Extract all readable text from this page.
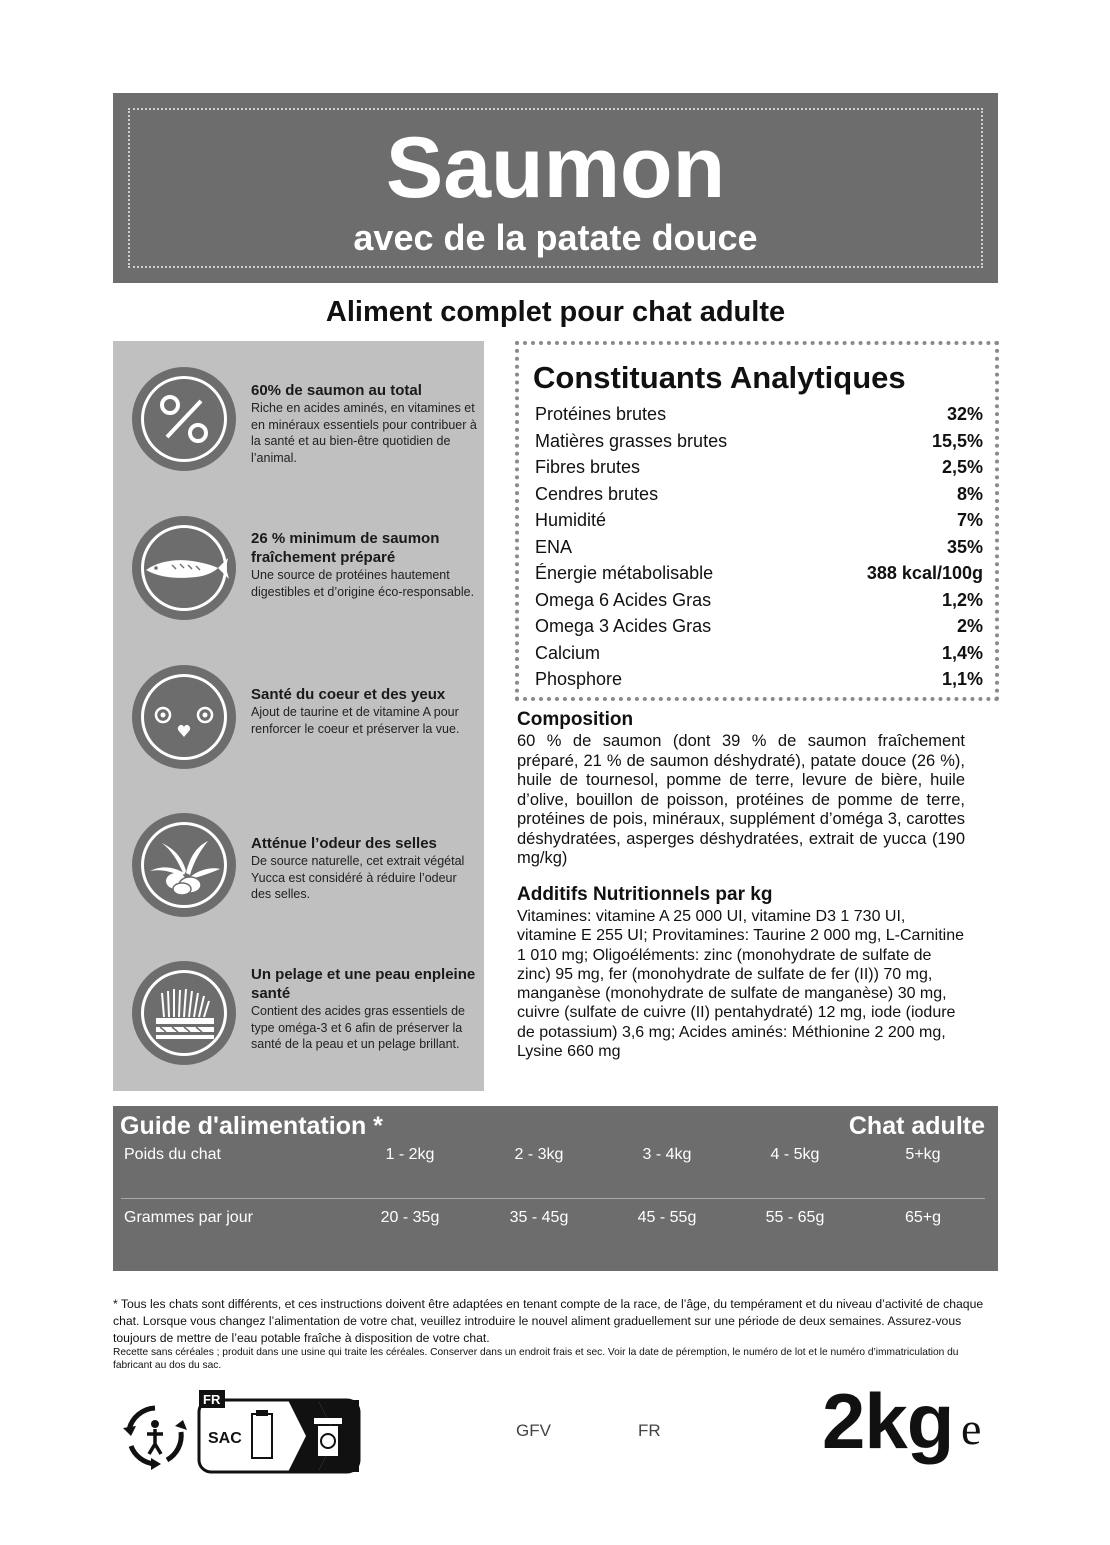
Saumon
avec de la patate douce
Aliment complet pour chat adulte
60% de saumon au total
Riche en acides aminés, en vitamines et en minéraux essentiels pour contribuer à la santé et au bien-être quotidien de l’animal.
26 % minimum de saumon fraîchement préparé
Une source de protéines hautement digestibles et d’origine éco-responsable.
Santé du coeur et des yeux
Ajout de taurine et de vitamine A pour renforcer le coeur et préserver la vue.
Atténue l’odeur des selles
De source naturelle, cet extrait végétal Yucca est considéré à réduire l’odeur des selles.
Un pelage et une peau enpleine santé
Contient des acides gras essentiels de type oméga-3 et 6 afin de préserver la santé de la peau et un pelage brillant.
Constituants Analytiques
Protéines brutes	32%
Matières grasses brutes	15,5%
Fibres brutes	2,5%
Cendres brutes	8%
Humidité	7%
ENA	35%
Énergie métabolisable	388 kcal/100g
Omega 6 Acides Gras	1,2%
Omega 3 Acides Gras	2%
Calcium	1,4%
Phosphore	1,1%
Composition
60 % de saumon (dont 39 % de saumon fraîchement préparé, 21 % de saumon déshydraté), patate douce (26 %), huile de tournesol, pomme de terre, levure de bière, huile d’olive, bouillon de poisson, protéines de pomme de terre, protéines de pois, minéraux, supplément d’oméga 3, carottes déshydratées, asperges déshydratées, extrait de yucca (190 mg/kg)
Additifs Nutritionnels par kg
Vitamines: vitamine A 25 000 UI, vitamine D3 1 730 UI, vitamine E 255 UI; Provitamines: Taurine 2 000 mg, L-Carnitine 1 010 mg; Oligoéléments: zinc (monohydrate de sulfate de zinc) 95 mg, fer (monohydrate de sulfate de fer (II)) 70 mg, manganèse (monohydrate de sulfate de manganèse) 30 mg, cuivre (sulfate de cuivre (II) pentahydraté) 12 mg, iode (iodure de potassium) 3,6 mg; Acides aminés: Méthionine 2 200 mg, Lysine 660 mg
Guide d'alimentation *	Chat adulte
Poids du chat	1 - 2kg	2 - 3kg	3 - 4kg	4 - 5kg	5+kg
Grammes par jour	20 - 35g	35 - 45g	45 - 55g	55 - 65g	65+g
* Tous les chats sont différents, et ces instructions doivent être adaptées en tenant compte de la race, de l’âge, du tempérament et du niveau d’activité de chaque chat. Lorsque vous changez l’alimentation de votre chat, veuillez introduire le nouvel aliment graduellement sur une période de deux semaines. Assurez-vous toujours de mettre de l’eau potable fraîche à disposition de votre chat.
Recette sans céréales ; produit dans une usine qui traite les céréales. Conserver dans un endroit frais et sec. Voir la date de péremption, le numéro de lot et le numéro d’immatriculation du fabricant au dos du sac.
FR
SAC	GFV	FR 2kg e
